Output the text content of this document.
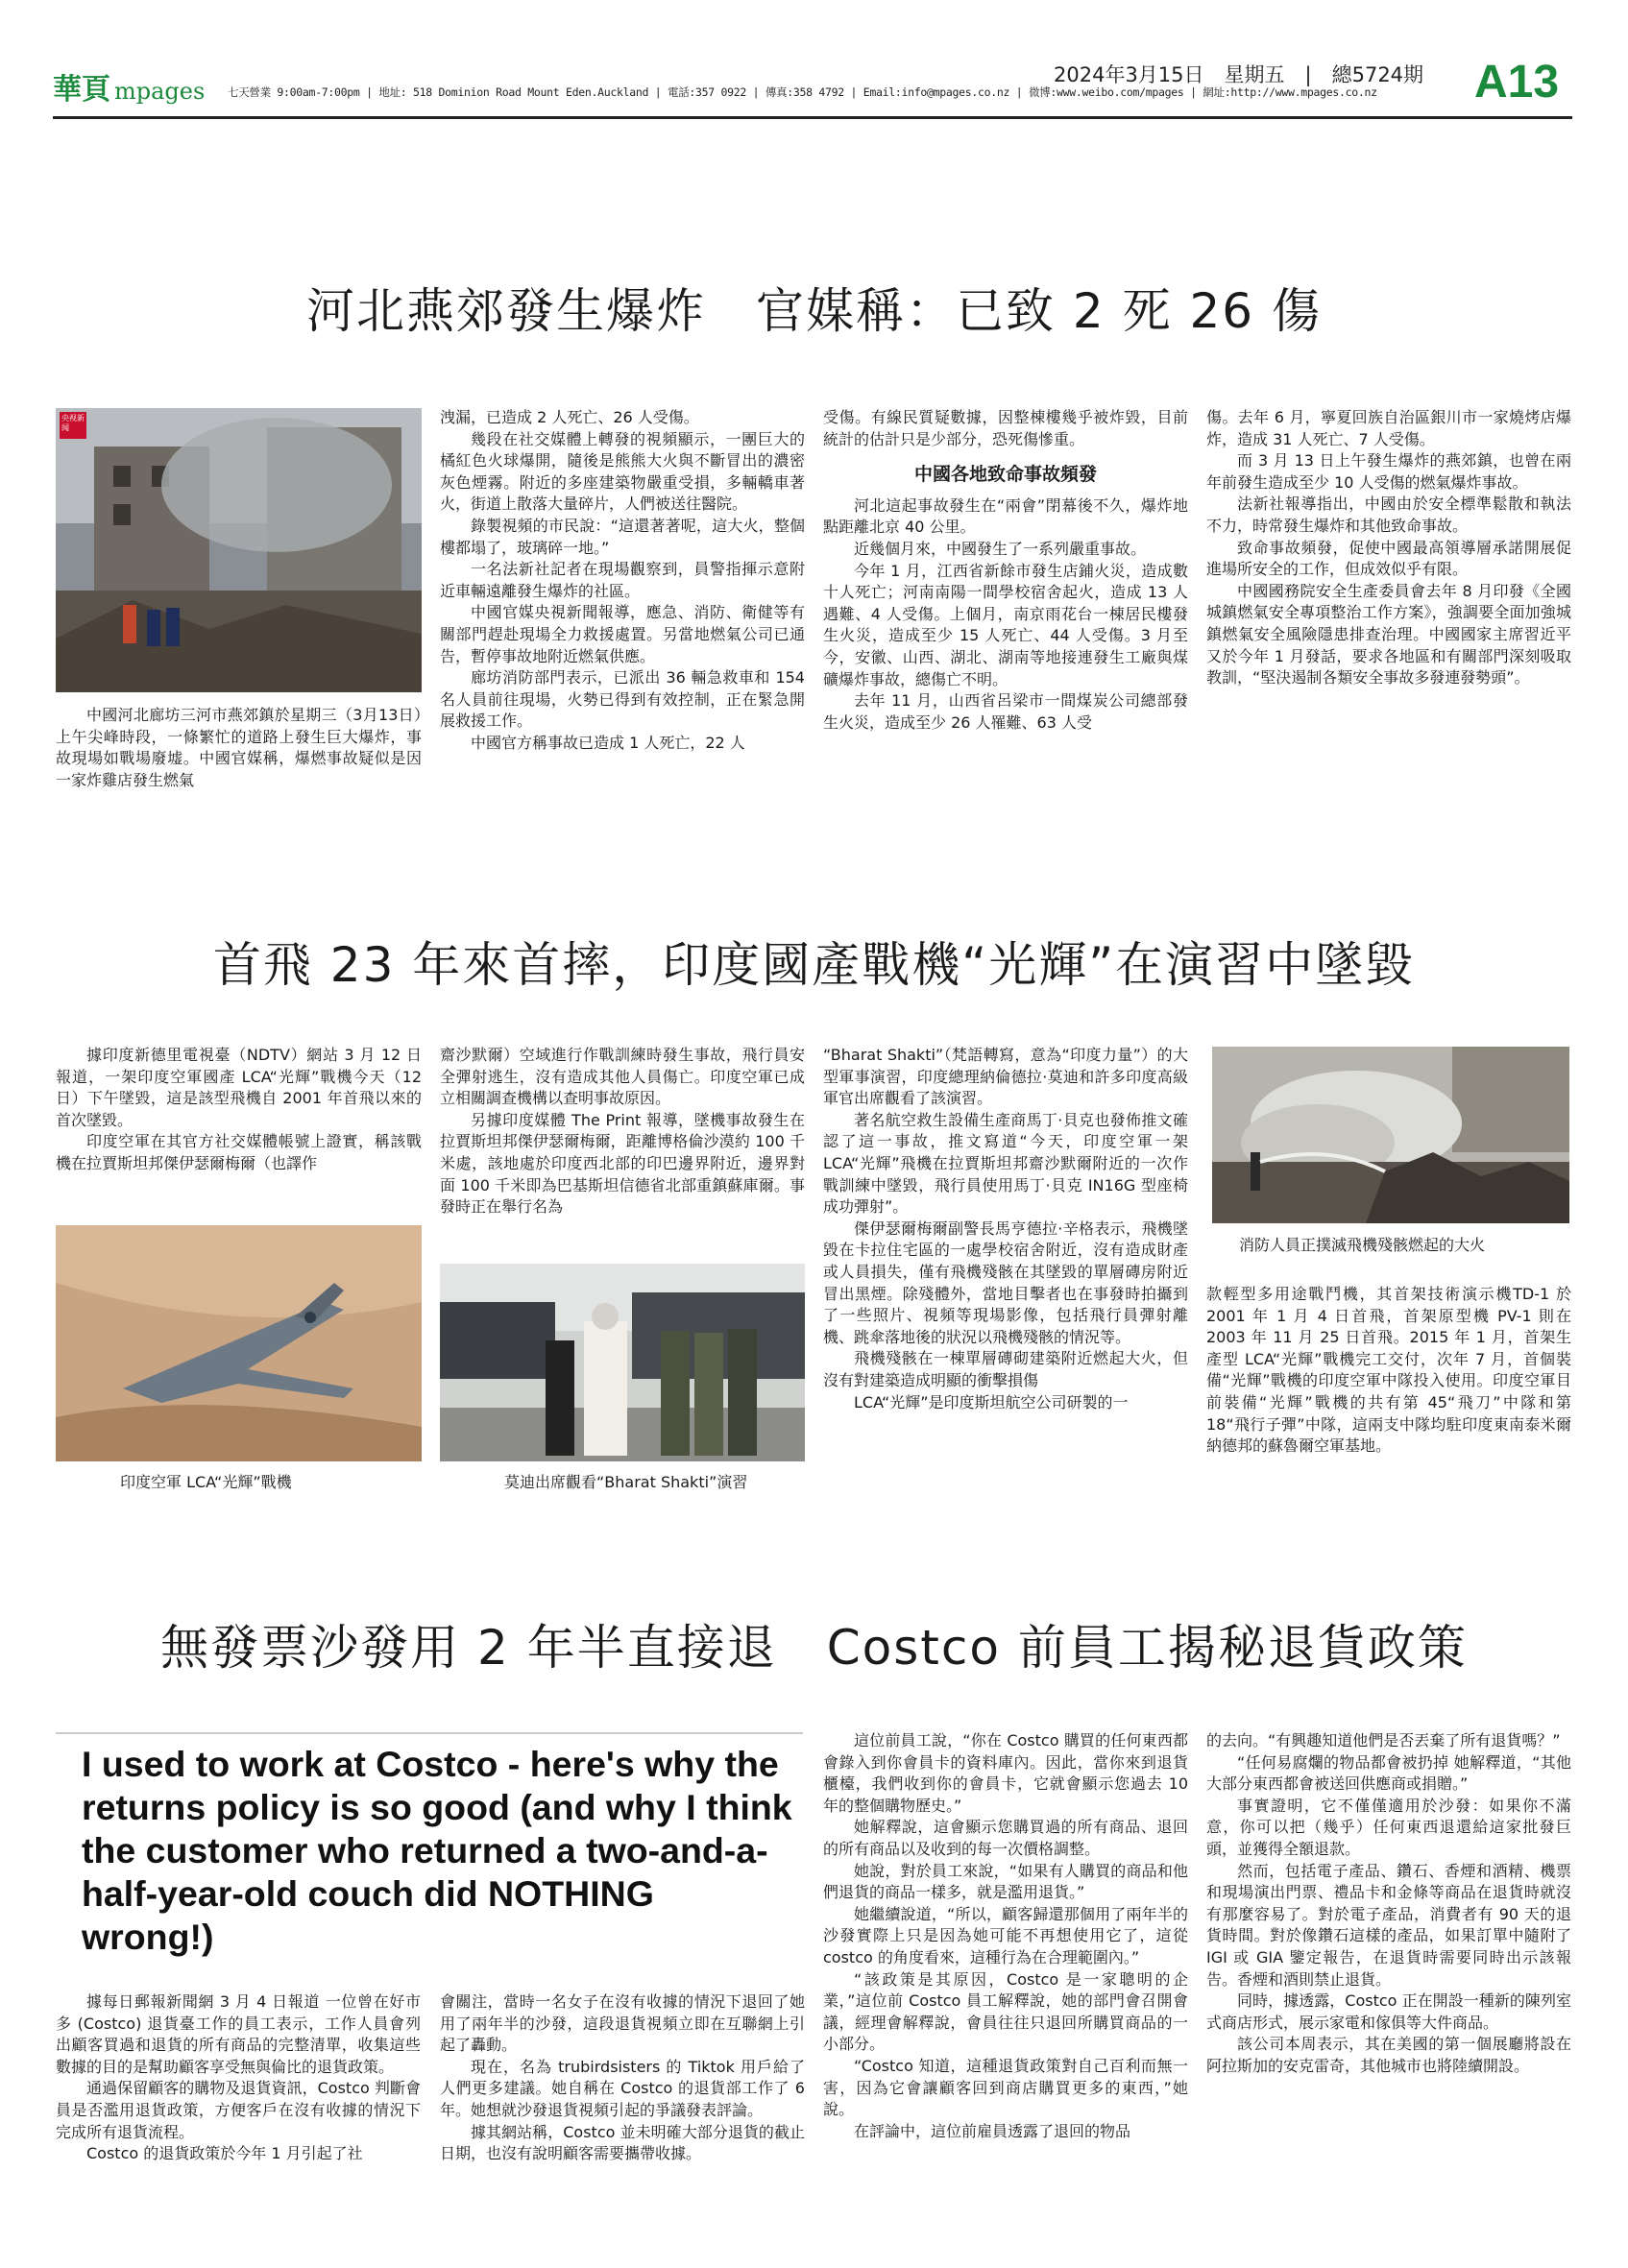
華頁 mpages 七天營業 9:00am-7:00pm | 地址: 518 Dominion Road Mount Eden.Auckland | 電話:357 0922 | 傳真:358 4792 | Email:info@mpages.co.nz | 微博:www.weibo.com/mpages | 網址:http://www.mpages.co.nz
2024年3月15日　星期五　|　總5724期 A13
河北燕郊發生爆炸　官媒稱：已致 2 死 26 傷
央视新闻
中國河北廊坊三河市燕郊鎮於星期三（3月13日）上午尖峰時段，一條繁忙的道路上發生巨大爆炸，事故現場如戰場廢墟。中國官媒稱，爆燃事故疑似是因一家炸雞店發生燃氣

洩漏，已造成 2 人死亡、26 人受傷。

幾段在社交媒體上轉發的視頻顯示，一團巨大的橘紅色火球爆開，隨後是熊熊大火與不斷冒出的濃密灰色煙霧。附近的多座建築物嚴重受損，多輛轎車著火，街道上散落大量碎片，人們被送往醫院。

錄製視頻的市民說：“這還著著呢，這大火，整個樓都塌了，玻璃碎一地。”

一名法新社記者在現場觀察到，員警指揮示意附近車輛遠離發生爆炸的社區。

中國官媒央視新聞報導，應急、消防、衛健等有關部門趕赴現場全力救援處置。另當地燃氣公司已通告，暫停事故地附近燃氣供應。

廊坊消防部門表示，已派出 36 輛急救車和 154 名人員前往現場，火勢已得到有效控制，正在緊急開展救援工作。

中國官方稱事故已造成 1 人死亡，22 人

受傷。有線民質疑數據，因整棟樓幾乎被炸毀，目前統計的估計只是少部分，恐死傷慘重。

中國各地致命事故頻發

河北這起事故發生在“兩會”閉幕後不久，爆炸地點距離北京 40 公里。

近幾個月來，中國發生了一系列嚴重事故。

今年 1 月，江西省新餘市發生店鋪火災，造成數十人死亡；河南南陽一間學校宿舍起火，造成 13 人遇難、4 人受傷。上個月，南京雨花台一棟居民樓發生火災，造成至少 15 人死亡、44 人受傷。3 月至今，安徽、山西、湖北、湖南等地接連發生工廠與煤礦爆炸事故，總傷亡不明。

去年 11 月，山西省呂梁市一間煤炭公司總部發生火災，造成至少 26 人罹難、63 人受

傷。去年 6 月，寧夏回族自治區銀川市一家燒烤店爆炸，造成 31 人死亡、7 人受傷。

而 3 月 13 日上午發生爆炸的燕郊鎮，也曾在兩年前發生造成至少 10 人受傷的燃氣爆炸事故。

法新社報導指出，中國由於安全標準鬆散和執法不力，時常發生爆炸和其他致命事故。

致命事故頻發，促使中國最高領導層承諾開展促進場所安全的工作，但成效似乎有限。

中國國務院安全生產委員會去年 8 月印發《全國城鎮燃氣安全專項整治工作方案》，強調要全面加強城鎮燃氣安全風險隱患排查治理。中國國家主席習近平又於今年 1 月發話，要求各地區和有關部門深刻吸取教訓，“堅決遏制各類安全事故多發連發勢頭”。

首飛 23 年來首摔，印度國產戰機“光輝”在演習中墜毀

據印度新德里電視臺（NDTV）網站 3 月 12 日報道，一架印度空軍國產 LCA“光輝”戰機今天（12 日）下午墜毀，這是該型飛機自 2001 年首飛以來的首次墜毀。

印度空軍在其官方社交媒體帳號上證實，稱該戰機在拉賈斯坦邦傑伊瑟爾梅爾（也譯作

印度空軍 LCA“光輝”戰機

齋沙默爾）空域進行作戰訓練時發生事故，飛行員安全彈射逃生，沒有造成其他人員傷亡。印度空軍已成立相關調查機構以查明事故原因。

另據印度媒體 The Print 報導，墜機事故發生在拉賈斯坦邦傑伊瑟爾梅爾，距離博格倫沙漠約 100 千米處，該地處於印度西北部的印巴邊界附近，邊界對面 100 千米即為巴基斯坦信德省北部重鎮蘇庫爾。事發時正在舉行名為

莫迪出席觀看“Bharat Shakti”演習

“Bharat Shakti”（梵語轉寫，意為“印度力量”）的大型軍事演習，印度總理納倫德拉·莫迪和許多印度高級軍官出席觀看了該演習。

著名航空救生設備生產商馬丁·貝克也發佈推文確認了這一事故，推文寫道“今天，印度空軍一架 LCA“光輝”飛機在拉賈斯坦邦齋沙默爾附近的一次作戰訓練中墜毀，飛行員使用馬丁·貝克 IN16G 型座椅成功彈射”。

傑伊瑟爾梅爾副警長馬亨德拉·辛格表示，飛機墜毀在卡拉住宅區的一處學校宿舍附近，沒有造成財產或人員損失，僅有飛機殘骸在其墜毀的單層磚房附近冒出黑煙。除殘體外，當地目擊者也在事發時拍攝到了一些照片、視頻等現場影像，包括飛行員彈射離機、跳傘落地後的狀況以飛機殘骸的情況等。

飛機殘骸在一棟單層磚砌建築附近燃起大火，但沒有對建築造成明顯的衝擊損傷

LCA“光輝”是印度斯坦航空公司研製的一

消防人員正撲滅飛機殘骸燃起的大火

款輕型多用途戰鬥機，其首架技術演示機TD-1 於 2001 年 1 月 4 日首飛，首架原型機 PV-1 則在 2003 年 11 月 25 日首飛。2015 年 1 月，首架生產型 LCA“光輝”戰機完工交付，次年 7 月，首個裝備“光輝”戰機的印度空軍中隊投入使用。印度空軍目前裝備“光輝”戰機的共有第 45“飛刀”中隊和第 18“飛行子彈”中隊，這兩支中隊均駐印度東南泰米爾納德邦的蘇魯爾空軍基地。

無發票沙發用 2 年半直接退　Costco 前員工揭秘退貨政策
I used to work at Costco - here's why the returns policy is so good (and why I think the customer who returned a two-and-a-half-year-old couch did NOTHING wrong!)

據每日郵報新聞網 3 月 4 日報道 一位曾在好市多 (Costco) 退貨臺工作的員工表示，工作人員會列出顧客買過和退貨的所有商品的完整清單，收集這些數據的目的是幫助顧客享受無與倫比的退貨政策。

通過保留顧客的購物及退貨資訊，Costco 判斷會員是否濫用退貨政策，方便客戶在沒有收據的情況下完成所有退貨流程。

Costco 的退貨政策於今年 1 月引起了社

會關注，當時一名女子在沒有收據的情況下退回了她用了兩年半的沙發，這段退貨視頻立即在互聯網上引起了轟動。

現在，名為 trubirdsisters 的 Tiktok 用戶給了人們更多建議。她自稱在 Costco 的退貨部工作了 6 年。她想就沙發退貨視頻引起的爭議發表評論。

據其網站稱，Costco 並未明確大部分退貨的截止日期，也沒有說明顧客需要攜帶收據。

這位前員工說，“你在 Costco 購買的任何東西都會錄入到你會員卡的資料庫內。因此，當你來到退貨櫃檯，我們收到你的會員卡，它就會顯示您過去 10 年的整個購物歷史。”

她解釋說，這會顯示您購買過的所有商品、退回的所有商品以及收到的每一次價格調整。

她說，對於員工來說，“如果有人購買的商品和他們退貨的商品一樣多，就是濫用退貨。”

她繼續說道，“所以，顧客歸還那個用了兩年半的沙發實際上只是因為她可能不再想使用它了，這從 costco 的角度看來，這種行為在合理範圍內。”

“該政策是其原因，Costco 是一家聰明的企業，”這位前 Costco 員工解釋說，她的部門會召開會議，經理會解釋說，會員往往只退回所購買商品的一小部分。

“Costco 知道，這種退貨政策對自己百利而無一害，因為它會讓顧客回到商店購買更多的東西，”她說。

在評論中，這位前雇員透露了退回的物品

的去向。“有興趣知道他們是否丟棄了所有退貨嗎？”

“任何易腐爛的物品都會被扔掉 她解釋道，“其他大部分東西都會被送回供應商或捐贈。”

事實證明，它不僅僅適用於沙發：如果你不滿意，你可以把（幾乎）任何東西退還給這家批發巨頭，並獲得全額退款。

然而，包括電子產品、鑽石、香煙和酒精、機票和現場演出門票、禮品卡和金條等商品在退貨時就沒有那麼容易了。對於電子產品，消費者有 90 天的退貨時間。對於像鑽石這樣的產品，如果訂單中隨附了 IGI 或 GIA 鑒定報告，在退貨時需要同時出示該報告。香煙和酒則禁止退貨。

同時，據透露，Costco 正在開設一種新的陳列室式商店形式，展示家電和傢俱等大件商品。

該公司本周表示，其在美國的第一個展廳將設在阿拉斯加的安克雷奇，其他城市也將陸續開設。
